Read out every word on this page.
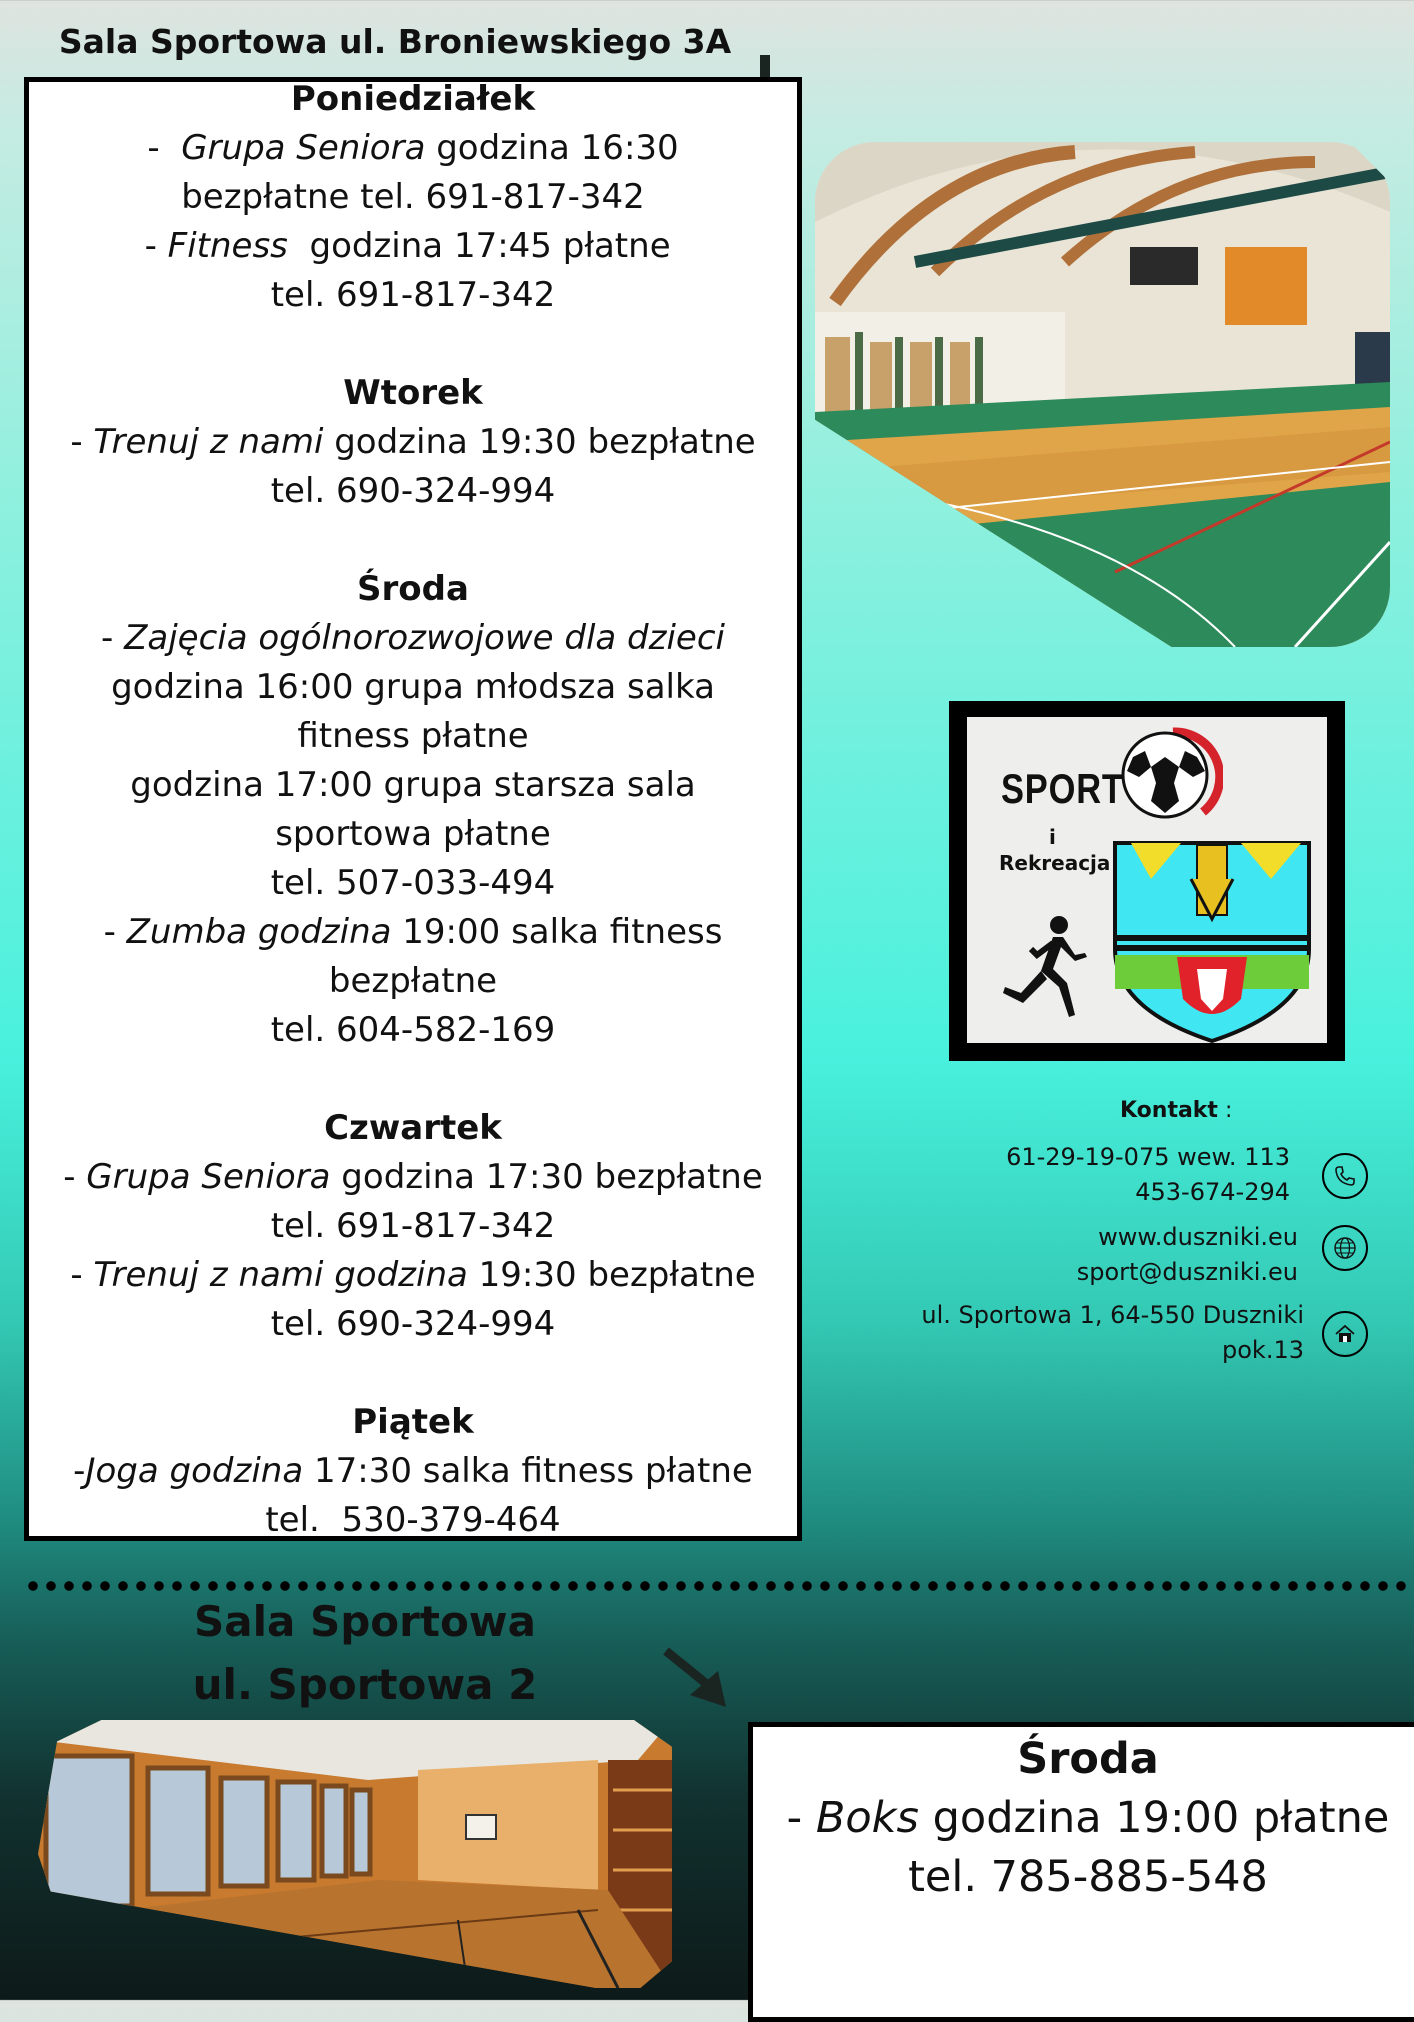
Sala Sportowa ul. Broniewskiego 3A
Poniedziałek
-  Grupa Seniora godzina 16:30
bezpłatne tel. 691-817-342
- Fitness  godzina 17:45 płatne
tel. 691-817-342
Wtorek
- Trenuj z nami godzina 19:30 bezpłatne
tel. 690-324-994
Środa
- Zajęcia ogólnorozwojowe dla dzieci
godzina 16:00 grupa młodsza salka
fitness płatne
godzina 17:00 grupa starsza sala
sportowa płatne
tel. 507-033-494
- Zumba godzina 19:00 salka fitness
bezpłatne
tel. 604-582-169
Czwartek
- Grupa Seniora godzina 17:30 bezpłatne
tel. 691-817-342
- Trenuj z nami godzina 19:30 bezpłatne
tel. 690-324-994
Piątek
-Joga godzina 17:30 salka fitness płatne
tel.  530-379-464
SPORT
i
Rekreacja
Kontakt :
61-29-19-075 wew. 113
453-674-294
www.duszniki.eu
sport@duszniki.eu
ul. Sportowa 1, 64-550 Duszniki
pok.13
Sala Sportowa
ul. Sportowa 2
Środa
- Boks godzina 19:00 płatne
tel. 785-885-548
